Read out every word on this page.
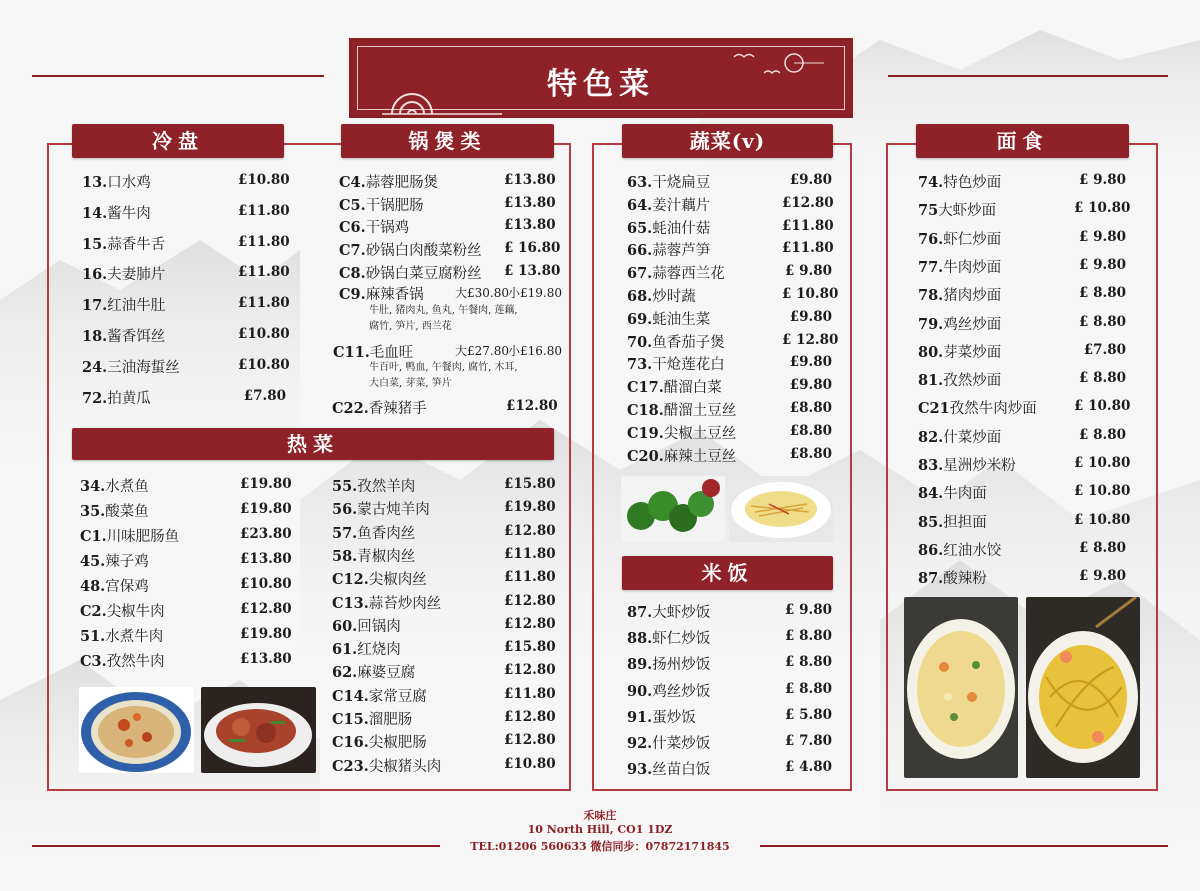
特色菜
冷盘	锅煲类	蔬菜(v)	面食
热菜
米饭
13.口水鸡	£10.80
14.酱牛肉	£11.80
15.蒜香牛舌	£11.80
16.夫妻肺片	£11.80
17.红油牛肚	£11.80
18.酱香饵丝	£10.80
24.三油海蜇丝	£10.80
72.拍黄瓜	£7.80
C4.蒜蓉肥肠煲	£13.80
C5.干锅肥肠	£13.80
C6.干锅鸡	£13.80
C7.砂锅白肉酸菜粉丝 £ 16.80
C8.砂锅白菜豆腐粉丝 £ 13.80
63.干烧扁豆	£9.80
64.姜汁藕片	£12.80
65.蚝油什菇	£11.80
66.蒜蓉芦笋	£11.80
67.蒜蓉西兰花	£ 9.80
68.炒时蔬	£ 10.80
69.蚝油生菜	£9.80
70.鱼香茄子煲	£ 12.80
73.干炝莲花白	£9.80
C17.醋溜白菜	£9.80
C18.醋溜土豆丝	£8.80
C19.尖椒土豆丝	£8.80
C20.麻辣土豆丝	£8.80
74.特色炒面	£ 9.80
75大虾炒面	£ 10.80
76.虾仁炒面	£ 9.80
77.牛肉炒面	£ 9.80
78.猪肉炒面	£ 8.80
79.鸡丝炒面	£ 8.80
80.芽菜炒面	£7.80
81.孜然炒面	£ 8.80
C21孜然牛肉炒面	£ 10.80
82.什菜炒面	£ 8.80
83.星洲炒米粉	£ 10.80
84.牛肉面	£ 10.80
85.担担面	£ 10.80
86.红油水饺	£ 8.80
87.酸辣粉	£ 9.80
87.大虾炒饭	£ 9.80
88.虾仁炒饭	£ 8.80
89.扬州炒饭	£ 8.80
90.鸡丝炒饭	£ 8.80
91.蛋炒饭	£ 5.80
92.什菜炒饭	£ 7.80
93.丝苗白饭	£ 4.80
34.水煮鱼	£19.80
35.酸菜鱼	£19.80
C1.川味肥肠鱼	£23.80
45.辣子鸡	£13.80
48.宫保鸡	£10.80
C2.尖椒牛肉	£12.80
51.水煮牛肉	£19.80
C3.孜然牛肉	£13.80
55.孜然羊肉	£15.80
56.蒙古炖羊肉	£19.80
57.鱼香肉丝	£12.80
58.青椒肉丝	£11.80
C12.尖椒肉丝	£11.80
C13.蒜苔炒肉丝	£12.80
60.回锅肉	£12.80
61.红烧肉	£15.80
62.麻婆豆腐	£12.80
C14.家常豆腐	£11.80
C15.溜肥肠	£12.80
C16.尖椒肥肠	£12.80
C23.尖椒猪头肉	£10.80
C9.麻辣香锅	大£30.80 小£19.80
牛肚, 猪肉丸, 鱼丸, 午餐肉, 莲藕,
腐竹, 笋片, 西兰花
C11.毛血旺	大£27.80 小£16.80
牛百叶, 鸭血, 午餐肉, 腐竹, 木耳,
大白菜, 芽菜, 笋片
C22.香辣猪手	£12.80
禾味庄
10 North Hill, CO1 1DZ
TEL:01206 560633 微信同步：07872171845
